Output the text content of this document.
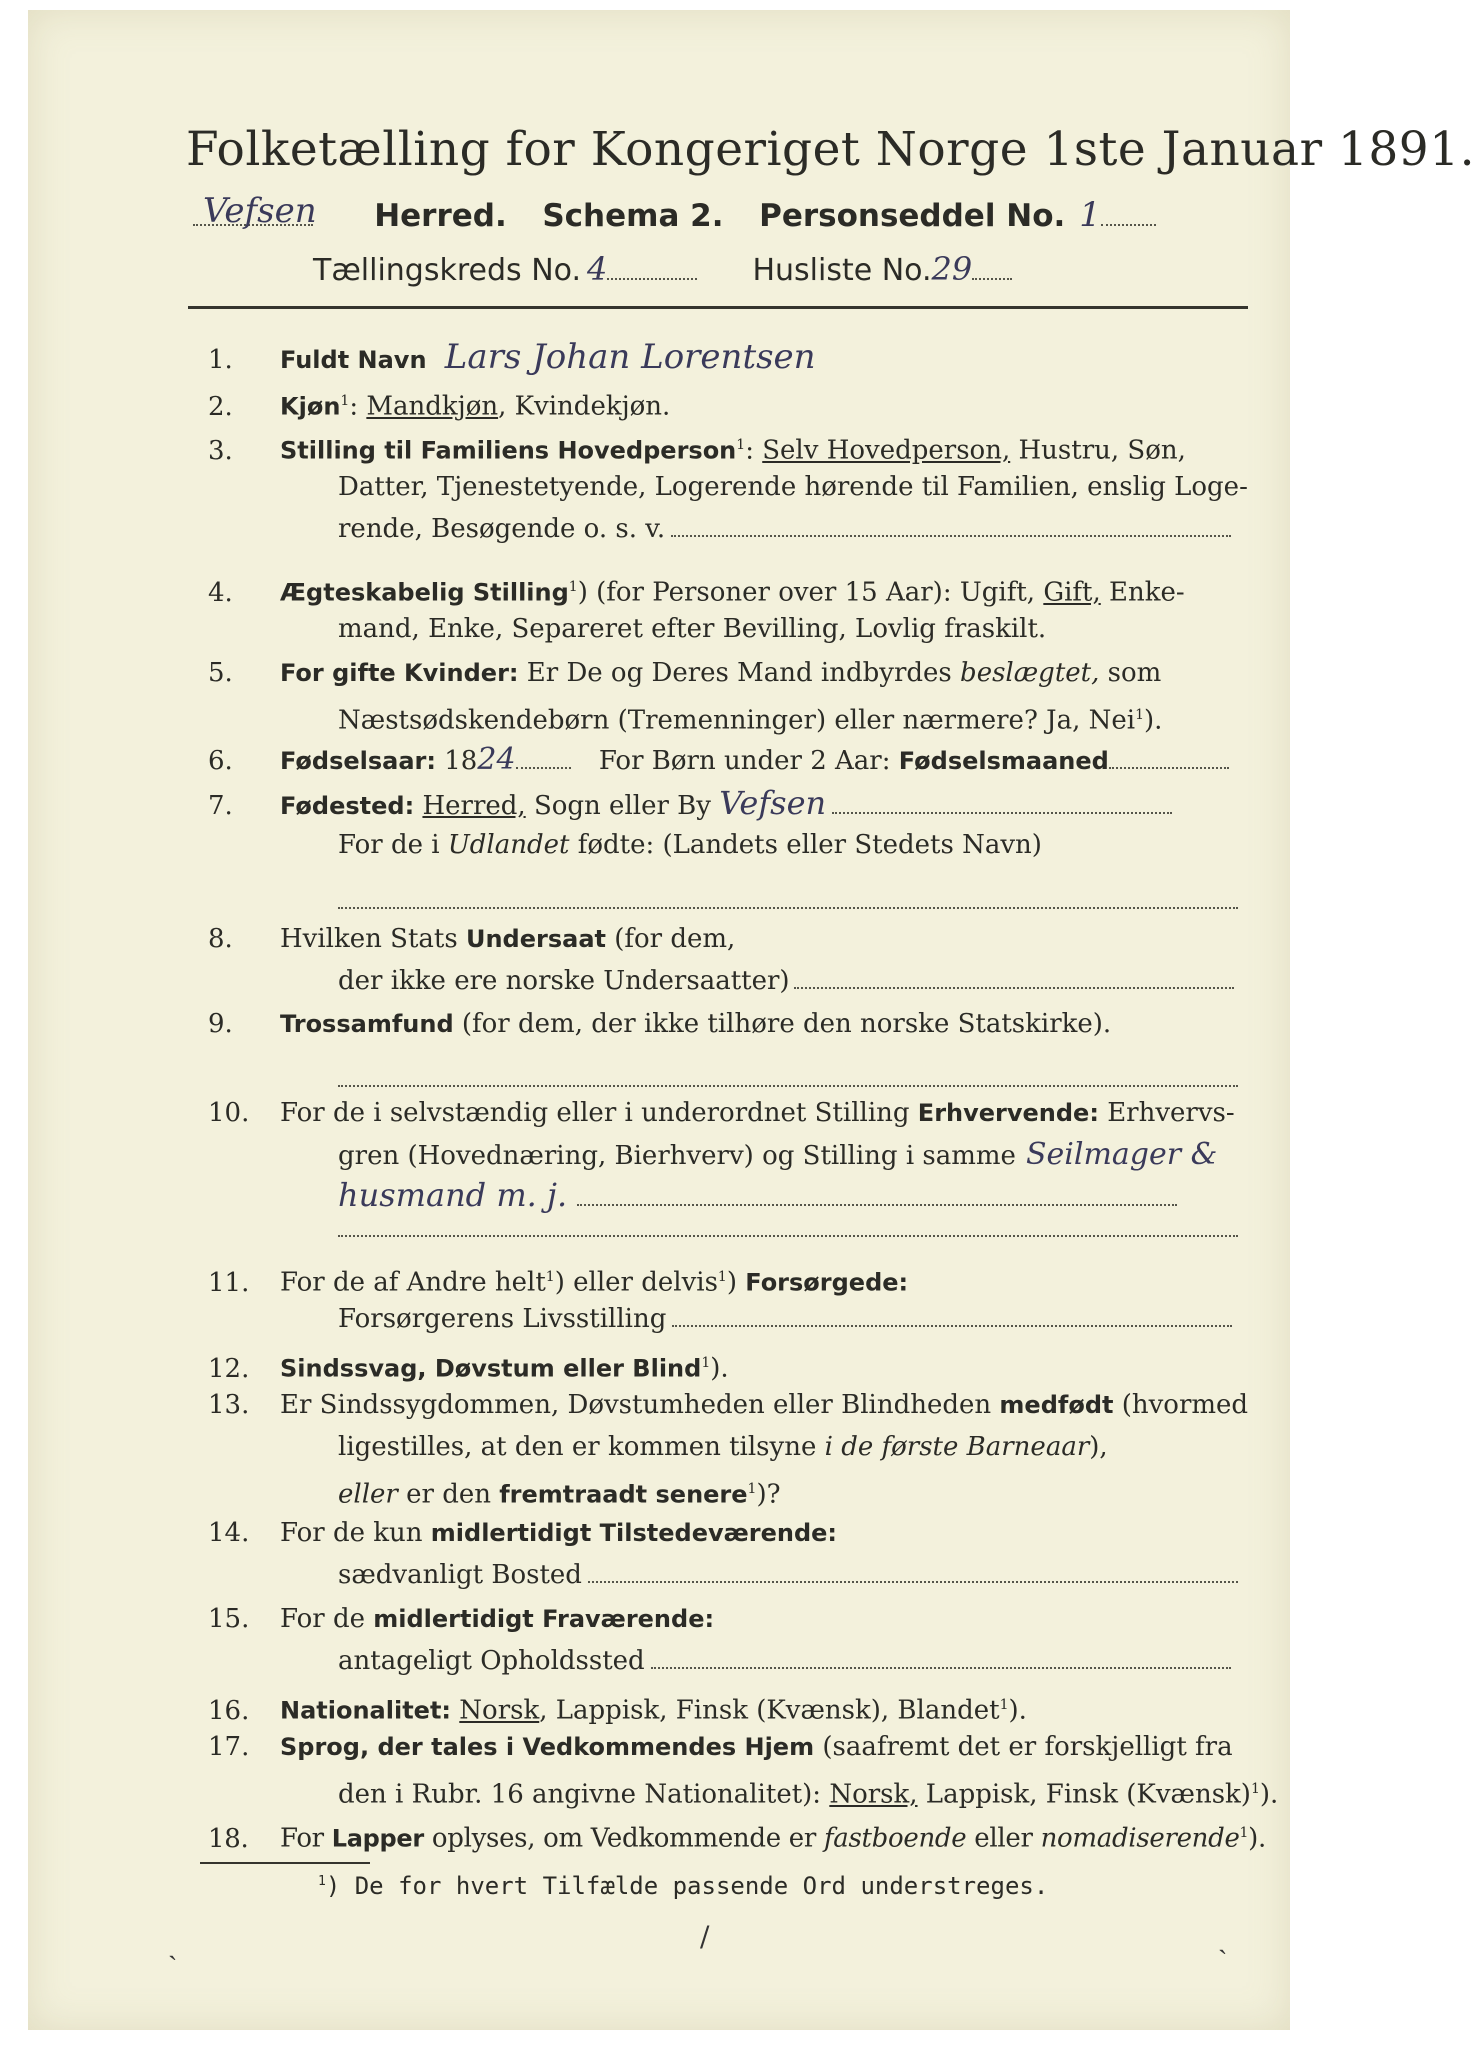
Folketælling for Kongeriget Norge 1ste Januar 1891.
Vefsen Herred. Schema 2. Personseddel No. 1
Tællingskreds No. 4	Husliste No.29
1. Fuldt Navn Lars Johan Lorentsen
2. Kjøn$^1$: Mandkjøn, Kvindekjøn.
3. Stilling til Familiens Hovedperson$^1$: Selv Hovedperson, Hustru, Søn,
Datter, Tjenestetyende, Logerende hørende til Familien, enslig Loge-
rende, Besøgende o. s. v.
4. Ægteskabelig Stilling$^1$) (for Personer over 15 Aar): Ugift, Gift, Enke-
mand, Enke, Separeret efter Bevilling, Lovlig fraskilt.
5. For gifte Kvinder: Er De og Deres Mand indbyrdes beslægtet, som
Næstsødskendebørn (Tremenninger) eller nærmere? Ja, Nei$^1$).
6. Fødselsaar: 1824	For Børn under 2 Aar: Fødselsmaaned
7. Fødested: Herred, Sogn eller By Vefsen
For de i Udlandet fødte: (Landets eller Stedets Navn)
8. Hvilken Stats Undersaat (for dem,
der ikke ere norske Undersaatter)
9. Trossamfund (for dem, der ikke tilhøre den norske Statskirke).
10. For de i selvstændig eller i underordnet Stilling Erhvervende: Erhvervs-
gren (Hovednæring, Bierhverv) og Stilling i samme Seilmager &
husmand m. j.
11. For de af Andre helt$^1$) eller delvis$^1$) Forsørgede:
Forsørgerens Livsstilling
12. Sindssvag, Døvstum eller Blind$^1$).
13. Er Sindssygdommen, Døvstumheden eller Blindheden medfødt (hvormed
ligestilles, at den er kommen tilsyne i de første Barneaar),
eller er den fremtraadt senere$^1$)?
14. For de kun midlertidigt Tilstedeværende:
sædvanligt Bosted
15. For de midlertidigt Fraværende:
antageligt Opholdssted
16. Nationalitet: Norsk, Lappisk, Finsk (Kvænsk), Blandet$^1$).
17. Sprog, der tales i Vedkommendes Hjem (saafremt det er forskjelligt fra
den i Rubr. 16 angivne Nationalitet): Norsk, Lappisk, Finsk (Kvænsk)$^1$).
18. For Lapper oplyses, om Vedkommende er fastboende eller nomadiserende$^1$).
$^1$) De for hvert Tilfælde passende Ord understreges.
ˎ	/	ˏ
